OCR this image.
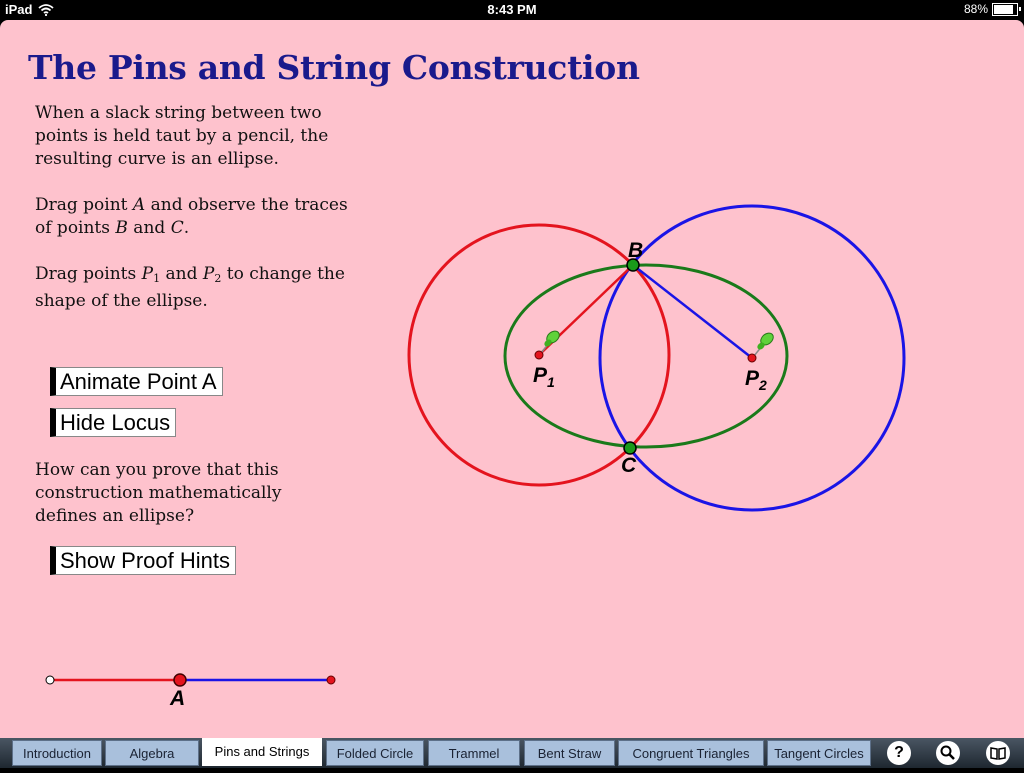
iPad	8:43 PM	88%
The Pins and String Construction

When a slack string between two points is held taut by a pencil, the resulting curve is an ellipse.

Drag point A and observe the traces of points B and C.

Drag points $P_1$ and $P_2$ to change the shape of the ellipse.

Animate Point A
Hide Locus

How can you prove that this construction mathematically defines an ellipse?

Show Proof Hints
B
C
$P_1$	$P_2$
A
Introduction	Algebra	Pins and Strings	Folded Circle	Trammel	Bent Straw	Congruent Triangles	Tangent Circles	?
